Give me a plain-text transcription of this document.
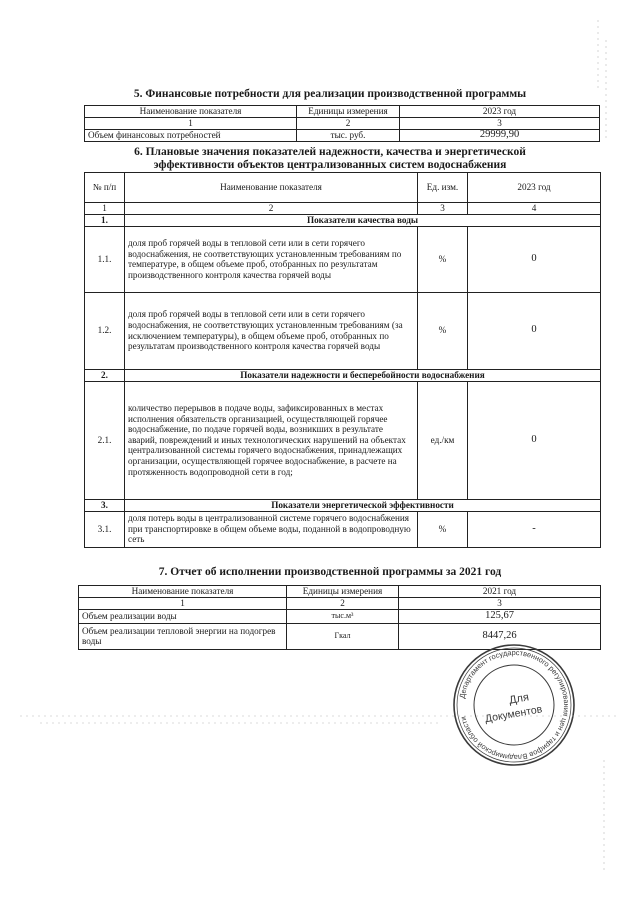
5. Финансовые потребности для реализации производственной программы
Наименование показателя	Единицы измерения	2023 год
1	2	3
Объем финансовых потребностей	тыс. руб.	29999,90
6. Плановые значения показателей надежности, качества и энергетической
эффективности объектов централизованных систем водоснабжения
№ п/п	Наименование показателя	Ед. изм.	2023 год
1	2	3	4
1.	Показатели качества воды		
1.1.	доля проб горячей воды в тепловой сети или в сети горячего водоснабжения, не соответствующих установленным требованиям по температуре, в общем объеме проб, отобранных по результатам производственного контроля качества горячей воды	%	0
1.2.	доля проб горячей воды в тепловой сети или в сети горячего водоснабжения, не соответствующих установленным требованиям (за исключением температуры), в общем объеме проб, отобранных по результатам производственного контроля качества горячей воды	%	0
2.	Показатели надежности и бесперебойности водоснабжения		
2.1.	количество перерывов в подаче воды, зафиксированных в местах исполнения обязательств организацией, осуществляющей горячее водоснабжение, по подаче горячей воды, возникших в результате аварий, повреждений и иных технологических нарушений на объектах централизованной системы горячего водоснабжения, принадлежащих организации, осуществляющей горячее водоснабжение, в расчете на протяженность водопроводной сети в год;	ед./км	0
3.	Показатели энергетической эффективности		
3.1.	доля потерь воды в централизованной системе горячего водоснабжения при транспортировке в общем объеме воды, поданной в водопроводную сеть	%	-
7. Отчет об исполнении производственной программы за 2021 год
Наименование показателя	Единицы измерения	2021 год
1	2	3
Объем реализации воды	тыс.м³	125,67
Объем реализации тепловой энергии на подогрев воды	Гкал	8447,26
Департамент государственного регулирования цен и тарифов Владимирской области
Для
Документов
